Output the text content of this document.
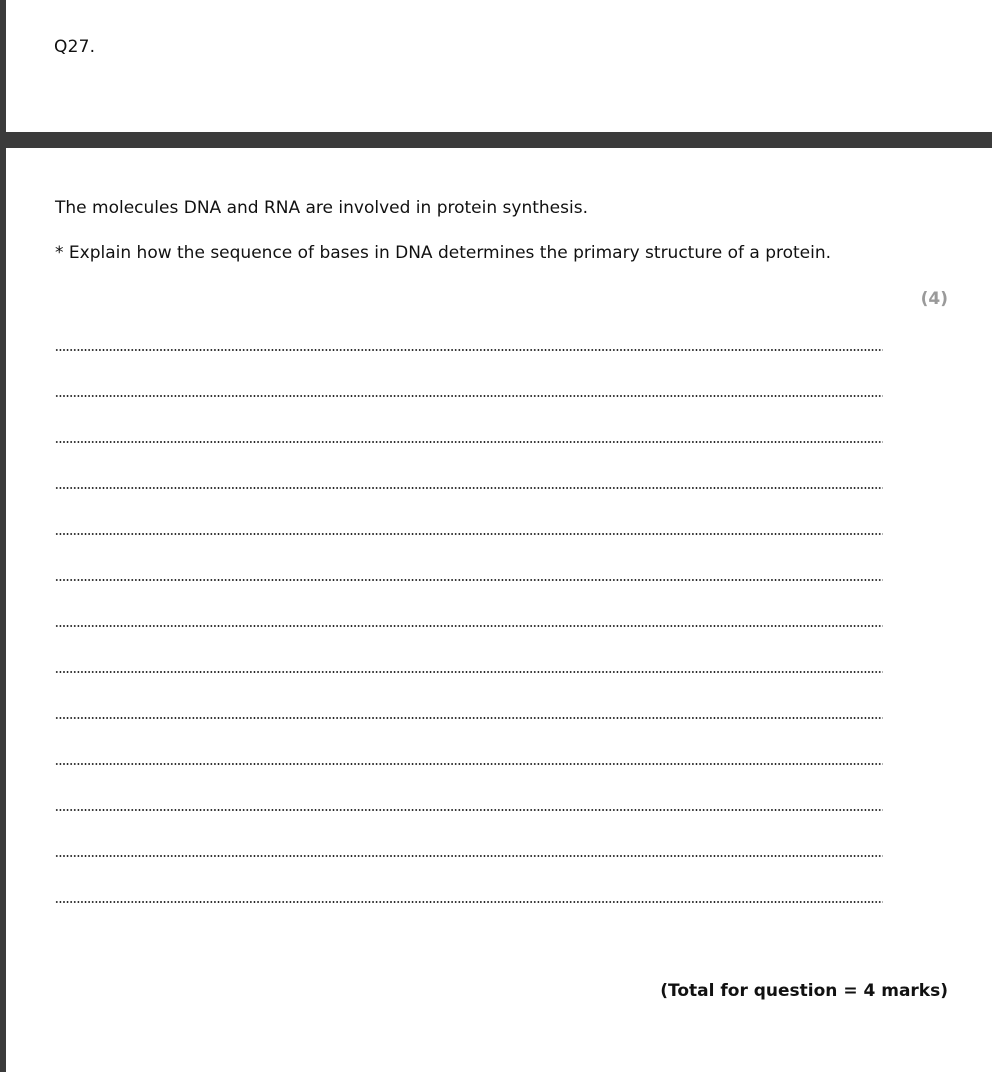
Q27.
The molecules DNA and RNA are involved in protein synthesis.
* Explain how the sequence of bases in DNA determines the primary structure of a protein.
(4)
(Total for question = 4 marks)
